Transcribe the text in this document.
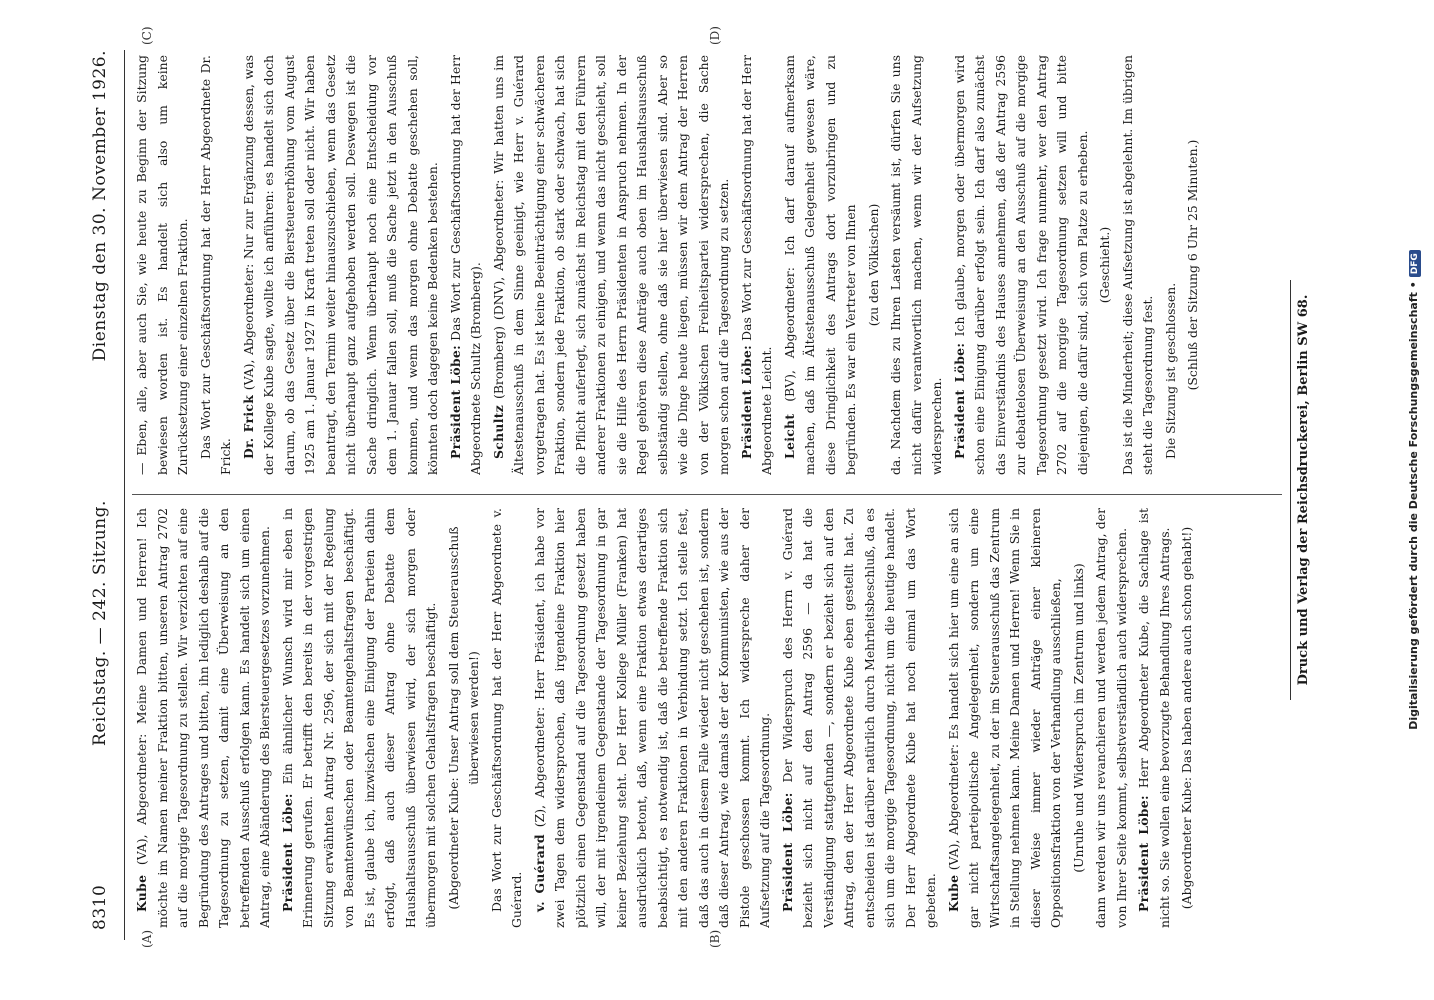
8310
Reichstag. — 242. Sitzung.
Dienstag den 30. November 1926.
(A)	(B)
(C)	(D)

Kube (VA), Abgeordneter: Meine Damen und Herren! Ich möchte im Namen meiner Fraktion bitten, unseren Antrag 2702 auf die morgige Tagesordnung zu stellen. Wir verzichten auf eine Begründung des Antrages und bitten, ihn lediglich deshalb auf die Tagesordnung zu setzen, damit eine Überweisung an den betreffenden Ausschuß erfolgen kann. Es handelt sich um einen Antrag, eine Abänderung des Biersteuergesetzes vorzunehmen. Präsident Löbe: Ein ähnlicher Wunsch wird mir eben in Erinnerung gerufen. Er betrifft den bereits in der vorgestrigen Sitzung erwähnten Antrag Nr. 2596, der sich mit der Regelung von Beamtenwünschen oder Beamtengehaltsfragen beschäftigt. Es ist, glaube ich, inzwischen eine Einigung der Parteien dahin erfolgt, daß auch dieser Antrag ohne Debatte dem Haushaltsausschuß überwiesen wird, der sich morgen oder übermorgen mit solchen Gehaltsfragen beschäftigt. (Abgeordneter Kube: Unser Antrag soll dem Steuerausschuß überwiesen werden!) Das Wort zur Geschäftsordnung hat der Herr Abgeordnete v. Guérard. v. Guérard (Z), Abgeordneter: Herr Präsident, ich habe vor zwei Tagen dem widersprochen, daß irgendeine Fraktion hier plötzlich einen Gegenstand auf die Tagesordnung gesetzt haben will, der mit irgendeinem Gegenstande der Tagesordnung in gar keiner Beziehung steht. Der Herr Kollege Müller (Franken) hat ausdrücklich betont, daß, wenn eine Fraktion etwas derartiges beabsichtigt, es notwendig ist, daß die betreffende Fraktion sich mit den anderen Fraktionen in Verbindung setzt. Ich stelle fest, daß das auch in diesem Falle wieder nicht geschehen ist, sondern daß dieser Antrag, wie damals der der Kommunisten, wie aus der Pistole geschossen kommt. Ich widerspreche daher der Aufsetzung auf die Tagesordnung. Präsident Löbe: Der Widerspruch des Herrn v. Guérard bezieht sich nicht auf den Antrag 2596 — da hat die Verständigung stattgefunden —, sondern er bezieht sich auf den Antrag, den der Herr Abgeordnete Kube eben gestellt hat. Zu entscheiden ist darüber natürlich durch Mehrheitsbeschluß, da es sich um die morgige Tagesordnung, nicht um die heutige handelt. Der Herr Abgeordnete Kube hat noch einmal um das Wort gebeten. Kube (VA), Abgeordneter: Es handelt sich hier um eine an sich gar nicht parteipolitische Angelegenheit, sondern um eine Wirtschaftsangelegenheit, zu der im Steuerausschuß das Zentrum in Stellung nehmen kann. Meine Damen und Herren! Wenn Sie in dieser Weise immer wieder Anträge einer kleineren Oppositionsfraktion von der Verhandlung ausschließen, (Unruhe und Widerspruch im Zentrum und links) dann werden wir uns revanchieren und werden jedem Antrag, der von Ihrer Seite kommt, selbstverständlich auch widersprechen. Präsident Löbe: Herr Abgeordneter Kube, die Sachlage ist nicht so. Sie wollen eine bevorzugte Behandlung Ihres Antrags. (Abgeordneter Kube: Das haben andere auch schon gehabt!)

— Eben, alle, aber auch Sie, wie heute zu Beginn der Sitzung bewiesen worden ist. Es handelt sich also um keine Zurücksetzung einer einzelnen Fraktion. Das Wort zur Geschäftsordnung hat der Herr Abgeordnete Dr. Frick. Dr. Frick (VA), Abgeordneter: Nur zur Ergänzung dessen, was der Kollege Kube sagte, wollte ich anführen: es handelt sich doch darum, ob das Gesetz über die Biersteuererhöhung vom August 1925 am 1. Januar 1927 in Kraft treten soll oder nicht. Wir haben beantragt, den Termin weiter hinauszuschieben, wenn das Gesetz nicht überhaupt ganz aufgehoben werden soll. Deswegen ist die Sache dringlich. Wenn überhaupt noch eine Entscheidung vor dem 1. Januar fallen soll, muß die Sache jetzt in den Ausschuß kommen, und wenn das morgen ohne Debatte geschehen soll, könnten doch dagegen keine Bedenken bestehen. Präsident Löbe: Das Wort zur Geschäftsordnung hat der Herr Abgeordnete Schultz (Bromberg). Schultz (Bromberg) (DNV), Abgeordneter: Wir hatten uns im Ältestenausschuß in dem Sinne geeinigt, wie Herr v. Guérard vorgetragen hat. Es ist keine Beeinträchtigung einer schwächeren Fraktion, sondern jede Fraktion, ob stark oder schwach, hat sich die Pflicht auferlegt, sich zunächst im Reichstag mit den Führern anderer Fraktionen zu einigen, und wenn das nicht geschieht, soll sie die Hilfe des Herrn Präsidenten in Anspruch nehmen. In der Regel gehören diese Anträge auch oben im Haushaltsausschuß selbständig stellen, ohne daß sie hier überwiesen sind. Aber so wie die Dinge heute liegen, müssen wir dem Antrag der Herren von der Völkischen Freiheitspartei widersprechen, die Sache morgen schon auf die Tagesordnung zu setzen. Präsident Löbe: Das Wort zur Geschäftsordnung hat der Herr Abgeordnete Leicht. Leicht (BV), Abgeordneter: Ich darf darauf aufmerksam machen, daß im Ältestenausschuß Gelegenheit gewesen wäre, diese Dringlichkeit des Antrags dort vorzubringen und zu begründen. Es war ein Vertreter von Ihnen (zu den Völkischen) da. Nachdem dies zu Ihren Lasten versäumt ist, dürfen Sie uns nicht dafür verantwortlich machen, wenn wir der Aufsetzung widersprechen. Präsident Löbe: Ich glaube, morgen oder übermorgen wird schon eine Einigung darüber erfolgt sein. Ich darf also zunächst das Einverständnis des Hauses annehmen, daß der Antrag 2596 zur debattelosen Überweisung an den Ausschuß auf die morgige Tagesordnung gesetzt wird. Ich frage nunmehr, wer den Antrag 2702 auf die morgige Tagesordnung setzen will und bitte diejenigen, die dafür sind, sich vom Platze zu erheben. (Geschieht.) Das ist die Minderheit; diese Aufsetzung ist abgelehnt. Im übrigen steht die Tagesordnung fest. Die Sitzung ist geschlossen. (Schluß der Sitzung 6 Uhr 25 Minuten.)

Druck und Verlag der Reichsdruckerei, Berlin SW 68.	Digitalisierung gefördert durch die Deutsche Forschungsgemeinschaft •DFG
